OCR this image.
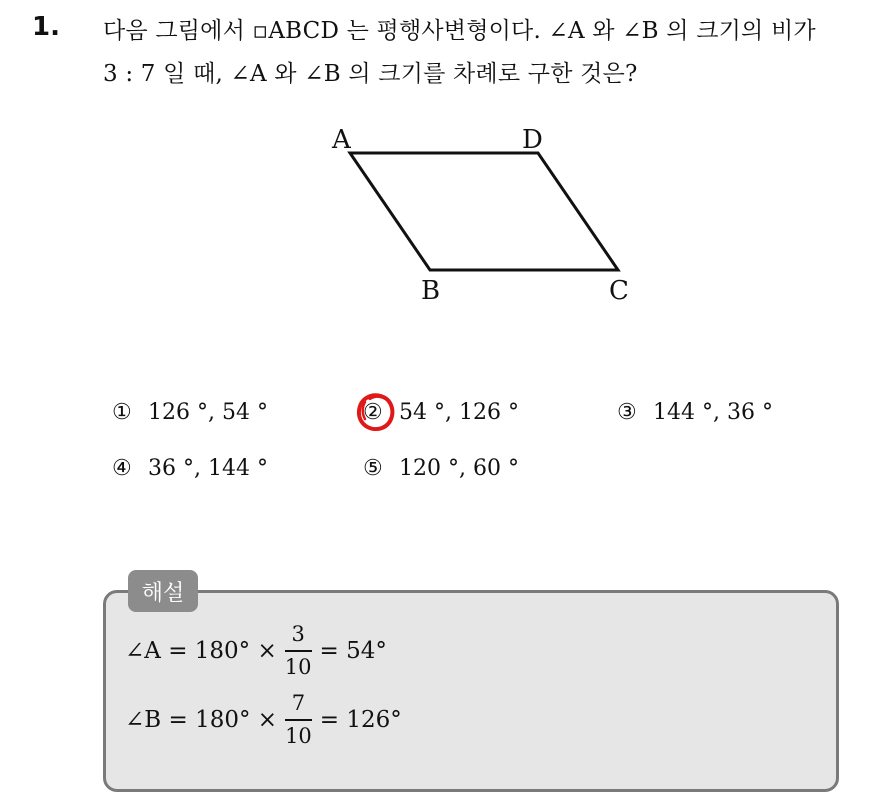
1. 다음 그림에서 ▫ABCD 는 평행사변형이다. ∠A 와 ∠B 의 크기의 비가
3 : 7 일 때, ∠A 와 ∠B 의 크기를 차례로 구한 것은?
A	D
B	C
① 126 °, 54 °	② 54 °, 126 °	③ 144 °, 36 °
④ 36 °, 144 °	⑤ 120 °, 60 °
해설
∠A = $180^\circ \times \frac{3}{10} = 54^\circ$
∠B = $180^\circ \times \frac{7}{10} = 126^\circ$
